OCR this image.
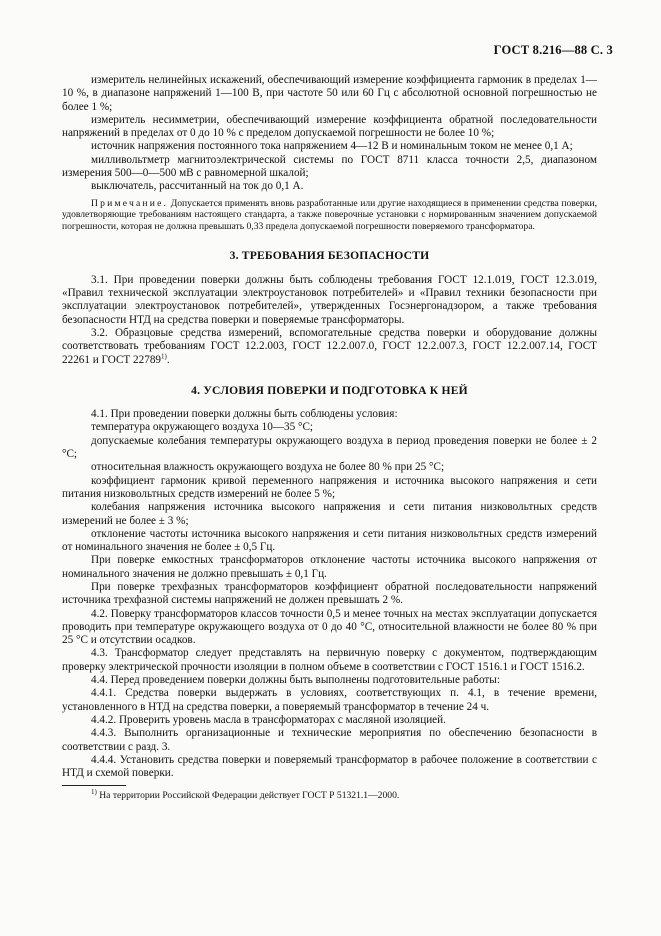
ГОСТ 8.216—88 С. 3

измеритель нелинейных искажений, обеспечивающий измерение коэффициента гармоник в пределах 1—10 %, в диапазоне напряжений 1—100 В, при частоте 50 или 60 Гц с абсолютной основной погрешностью не более 1 %;

измеритель несимметрии, обеспечивающий измерение коэффициента обратной последовательности напряжений в пределах от 0 до 10 % с пределом допускаемой погрешности не более 10 %;

источник напряжения постоянного тока напряжением 4—12 В и номинальным током не менее 0,1 А;

милливольтметр магнитоэлектрической системы по ГОСТ 8711 класса точности 2,5, диапазоном измерения 500—0—500 мВ с равномерной шкалой;

выключатель, рассчитанный на ток до 0,1 А.

Примечание. Допускается применять вновь разработанные или другие находящиеся в применении средства поверки, удовлетворяющие требованиям настоящего стандарта, а также поверочные установки с нормированным значением допускаемой погрешности, которая не должна превышать 0,33 предела допускаемой погрешности поверяемого трансформатора.

3. ТРЕБОВАНИЯ БЕЗОПАСНОСТИ

3.1. При проведении поверки должны быть соблюдены требования ГОСТ 12.1.019, ГОСТ 12.3.019, «Правил технической эксплуатации электроустановок потребителей» и «Правил техники безопасности при эксплуатации электроустановок потребителей», утвержденных Госэнергонадзором, а также требования безопасности НТД на средства поверки и поверяемые трансформаторы.

3.2. Образцовые средства измерений, вспомогательные средства поверки и оборудование должны соответствовать требованиям ГОСТ 12.2.003, ГОСТ 12.2.007.0, ГОСТ 12.2.007.3, ГОСТ 12.2.007.14, ГОСТ 22261 и ГОСТ 22789$^{1)}$.

4. УСЛОВИЯ ПОВЕРКИ И ПОДГОТОВКА К НЕЙ

4.1. При проведении поверки должны быть соблюдены условия:

температура окружающего воздуха 10—35 °С;

допускаемые колебания температуры окружающего воздуха в период проведения поверки не более ± 2 °С;

относительная влажность окружающего воздуха не более 80 % при 25 °С;

коэффициент гармоник кривой переменного напряжения и источника высокого напряжения и сети питания низковольтных средств измерений не более 5 %;

колебания напряжения источника высокого напряжения и сети питания низковольтных средств измерений не более ± 3 %;

отклонение частоты источника высокого напряжения и сети питания низковольтных средств измерений от номинального значения не более ± 0,5 Гц.

При поверке емкостных трансформаторов отклонение частоты источника высокого напряжения от номинального значения не должно превышать ± 0,1 Гц.

При поверке трехфазных трансформаторов коэффициент обратной последовательности напряжений источника трехфазной системы напряжений не должен превышать 2 %.

4.2. Поверку трансформаторов классов точности 0,5 и менее точных на местах эксплуатации допускается проводить при температуре окружающего воздуха от 0 до 40 °С, относительной влажности не более 80 % при 25 °С и отсутствии осадков.

4.3. Трансформатор следует представлять на первичную поверку с документом, подтверждающим проверку электрической прочности изоляции в полном объеме в соответствии с ГОСТ 1516.1 и ГОСТ 1516.2.

4.4. Перед проведением поверки должны быть выполнены подготовительные работы:

4.4.1. Средства поверки выдержать в условиях, соответствующих п. 4.1, в течение времени, установленного в НТД на средства поверки, а поверяемый трансформатор в течение 24 ч.

4.4.2. Проверить уровень масла в трансформаторах с масляной изоляцией.

4.4.3. Выполнить организационные и технические мероприятия по обеспечению безопасности в соответствии с разд. 3.

4.4.4. Установить средства поверки и поверяемый трансформатор в рабочее положение в соответствии с НТД и схемой поверки.

$^{1)}$ На территории Российской Федерации действует ГОСТ Р 51321.1—2000.
